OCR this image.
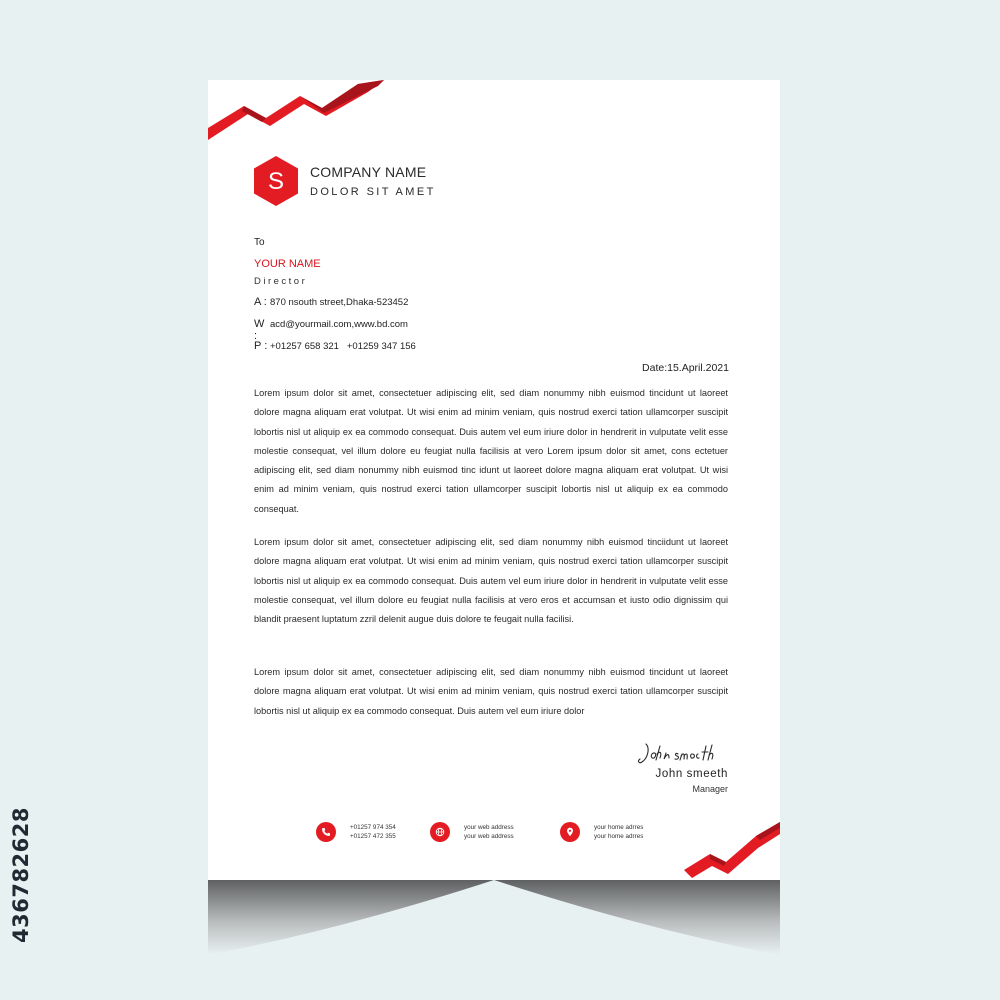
436782628
S COMPANY NAME
DOLOR SIT AMET
To
YOUR NAME
Director
A : 870 nsouth street,Dhaka-523452
W :
acd@yourmail.com,www.bd.com
P : +01257 658 321   +01259 347 156
Date:15.April.2021

Lorem ipsum dolor sit amet, consectetuer adipiscing elit, sed diam nonummy nibh euismod tincidunt ut laoreet dolore magna aliquam erat volutpat. Ut wisi enim ad minim veniam, quis nostrud exerci tation ullamcorper suscipit lobortis nisl ut aliquip ex ea commodo consequat. Duis autem vel eum iriure dolor in hendrerit in vulputate velit esse molestie consequat, vel illum dolore eu feugiat nulla facilisis at vero Lorem ipsum dolor sit amet, cons ectetuer adipiscing elit, sed diam nonummy nibh euismod tinc idunt ut laoreet dolore magna aliquam erat volutpat. Ut wisi enim ad minim veniam, quis nostrud exerci tation ullamcorper suscipit lobortis nisl ut aliquip ex ea commodo consequat.

Lorem ipsum dolor sit amet, consectetuer adipiscing elit, sed diam nonummy nibh euismod tinciidunt ut laoreet dolore magna aliquam erat volutpat. Ut wisi enim ad minim veniam, quis nostrud exerci tation ullamcorper suscipit lobortis nisl ut aliquip ex ea commodo consequat. Duis autem vel eum iriure dolor in hendrerit in vulputate velit esse molestie consequat, vel illum dolore eu feugiat nulla facilisis at vero eros et accumsan et iusto odio dignissim qui blandit praesent luptatum zzril delenit augue duis dolore te feugait nulla facilisi.

Lorem ipsum dolor sit amet, consectetuer adipiscing elit, sed diam nonummy nibh euismod tincidunt ut laoreet dolore magna aliquam erat volutpat. Ut wisi enim ad minim veniam, quis nostrud exerci tation ullamcorper suscipit lobortis nisl ut aliquip ex ea commodo consequat. Duis autem vel eum iriure dolor

John smeeth
Manager
+01257 974 354
+01257 472 355
your web address
your web address
your home adrres
your home adrres
